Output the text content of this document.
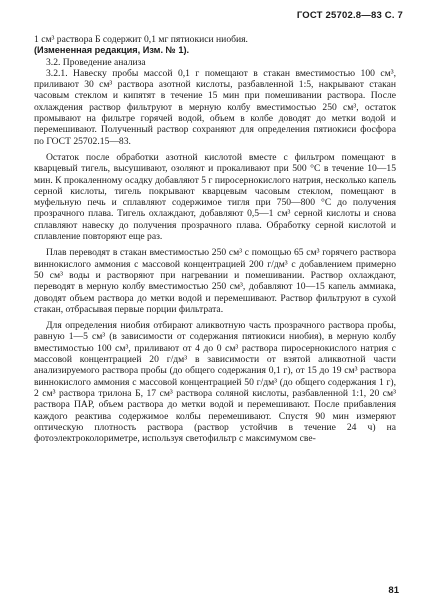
ГОСТ 25702.8—83 С. 7

1 см³ раствора Б содержит 0,1 мг пятиокиси ниобия.

(Измененная редакция, Изм. № 1).

3.2. Проведение анализа

3.2.1. Навеску пробы массой 0,1 г помещают в стакан вместимостью 100 см³, приливают 30 см³ раствора азотной кислоты, разбавленной 1:5, накрывают стакан часовым стеклом и кипятят в течение 15 мин при помешивании раствора. После охлаждения раствор фильтруют в мерную колбу вместимостью 250 см³, остаток промывают на фильтре горячей водой, объем в колбе доводят до метки водой и перемешивают. Полученный раствор сохраняют для определения пятиокиси фосфора по ГОСТ 25702.15—83.

Остаток после обработки азотной кислотой вместе с фильтром помещают в кварцевый тигель, высушивают, озоляют и прокаливают при 500 °С в течение 10—15 мин. К прокаленному осадку добавляют 5 г пиросернокислого натрия, несколько капель серной кислоты, тигель покрывают кварцевым часовым стеклом, помещают в муфельную печь и сплавляют содержимое тигля при 750—800 °С до получения прозрачного плава. Тигель охлаждают, добавляют 0,5—1 см³ серной кислоты и снова сплавляют навеску до получения прозрачного плава. Обработку серной кислотой и сплавление повторяют еще раз.

Плав переводят в стакан вместимостью 250 см³ с помощью 65 см³ горячего раствора виннокислого аммония с массовой концентрацией 200 г/дм³ с добавлением примерно 50 см³ воды и растворяют при нагревании и помешивании. Раствор охлаждают, переводят в мерную колбу вместимостью 250 см³, добавляют 10—15 капель аммиака, доводят объем раствора до метки водой и перемешивают. Раствор фильтруют в сухой стакан, отбрасывая первые порции фильтрата.

Для определения ниобия отбирают аликвотную часть прозрачного раствора пробы, равную 1—5 см³ (в зависимости от содержания пятиокиси ниобия), в мерную колбу вместимостью 100 см³, приливают от 4 до 0 см³ раствора пиросернокислого натрия с массовой концентрацией 20 г/дм³ в зависимости от взятой аликвотной части анализируемого раствора пробы (до общего содержания 0,1 г), от 15 до 19 см³ раствора виннокислого аммония с массовой концентрацией 50 г/дм³ (до общего содержания 1 г), 2 см³ раствора трилона Б, 17 см³ раствора соляной кислоты, разбавленной 1:1, 20 см³ раствора ПАР, объем раствора до метки водой и перемешивают. После прибавления каждого реактива содержимое колбы перемешивают. Спустя 90 мин измеряют оптическую плотность раствора (раствор устойчив в течение 24 ч) на фотоэлектроколориметре, используя светофильтр с максимумом све-

81
